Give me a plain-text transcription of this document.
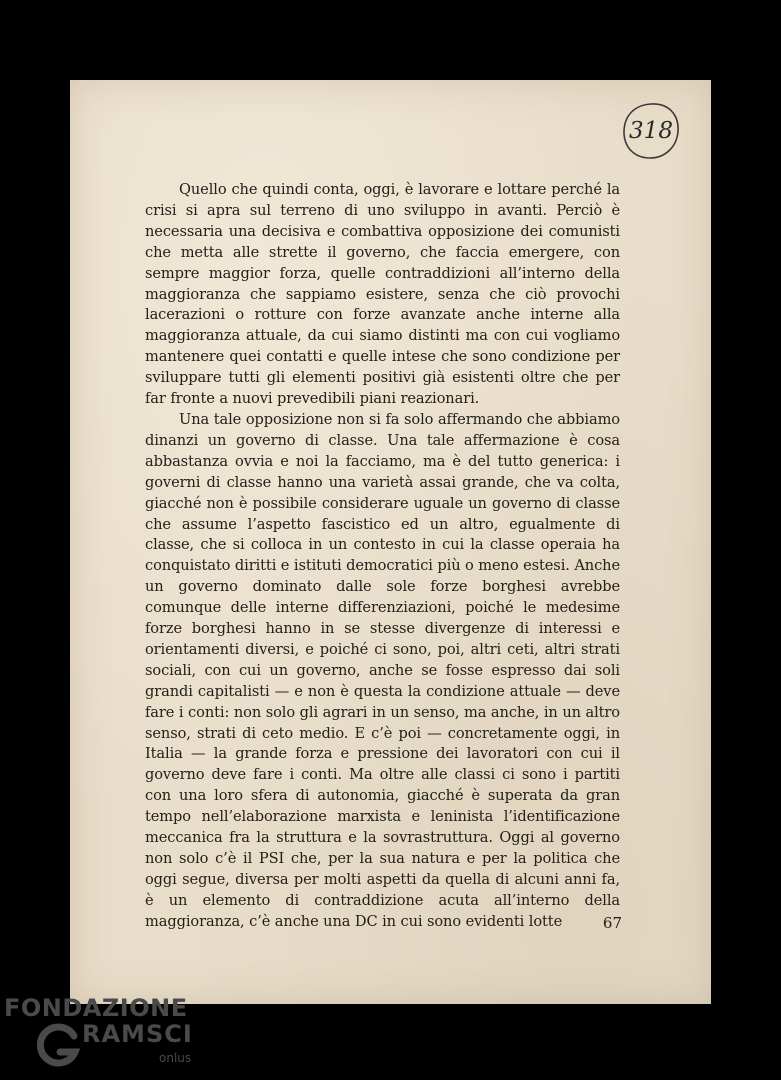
318

Quello che quindi conta, oggi, è lavorare e lottare perché la crisi si apra sul terreno di uno sviluppo in avanti. Perciò è necessaria una decisiva e combattiva opposizione dei comunisti che metta alle strette il governo, che faccia emergere, con sempre maggior forza, quelle contraddizioni all’interno della maggioranza che sappiamo esistere, senza che ciò provochi lacerazioni o rotture con forze avanzate anche interne alla maggioranza attuale, da cui siamo distinti ma con cui vogliamo mantenere quei contatti e quelle intese che sono condizione per sviluppare tutti gli elementi positivi già esistenti oltre che per far fronte a nuovi prevedibili piani reazionari.

Una tale opposizione non si fa solo affermando che abbiamo dinanzi un governo di classe. Una tale affermazione è cosa abbastanza ovvia e noi la facciamo, ma è del tutto generica: i governi di classe hanno una varietà assai grande, che va colta, giacché non è possibile considerare uguale un governo di classe che assume l’aspetto fascistico ed un altro, egualmente di classe, che si colloca in un contesto in cui la classe operaia ha conquistato diritti e istituti democratici più o meno estesi. Anche un governo dominato dalle sole forze borghesi avrebbe comunque delle interne differenziazioni, poiché le medesime forze borghesi hanno in se stesse divergenze di interessi e orientamenti diversi, e poiché ci sono, poi, altri ceti, altri strati sociali, con cui un governo, anche se fosse espresso dai soli grandi capitalisti — e non è questa la condizione attuale — deve fare i conti: non solo gli agrari in un senso, ma anche, in un altro senso, strati di ceto medio. E c’è poi — concretamente oggi, in Italia — la grande forza e pressione dei lavoratori con cui il governo deve fare i conti. Ma oltre alle classi ci sono i partiti con una loro sfera di autonomia, giacché è superata da gran tempo nell’elaborazione marxista e leninista l’identificazione meccanica fra la struttura e la sovrastruttura. Oggi al governo non solo c’è il PSI che, per la sua natura e per la politica che oggi segue, diversa per molti aspetti da quella di alcuni anni fa, è un elemento di contraddizione acuta all’interno della maggioranza, c’è anche una DC in cui sono evidenti lotte	67
FONDAZIONE
RAMSCI
onlus
